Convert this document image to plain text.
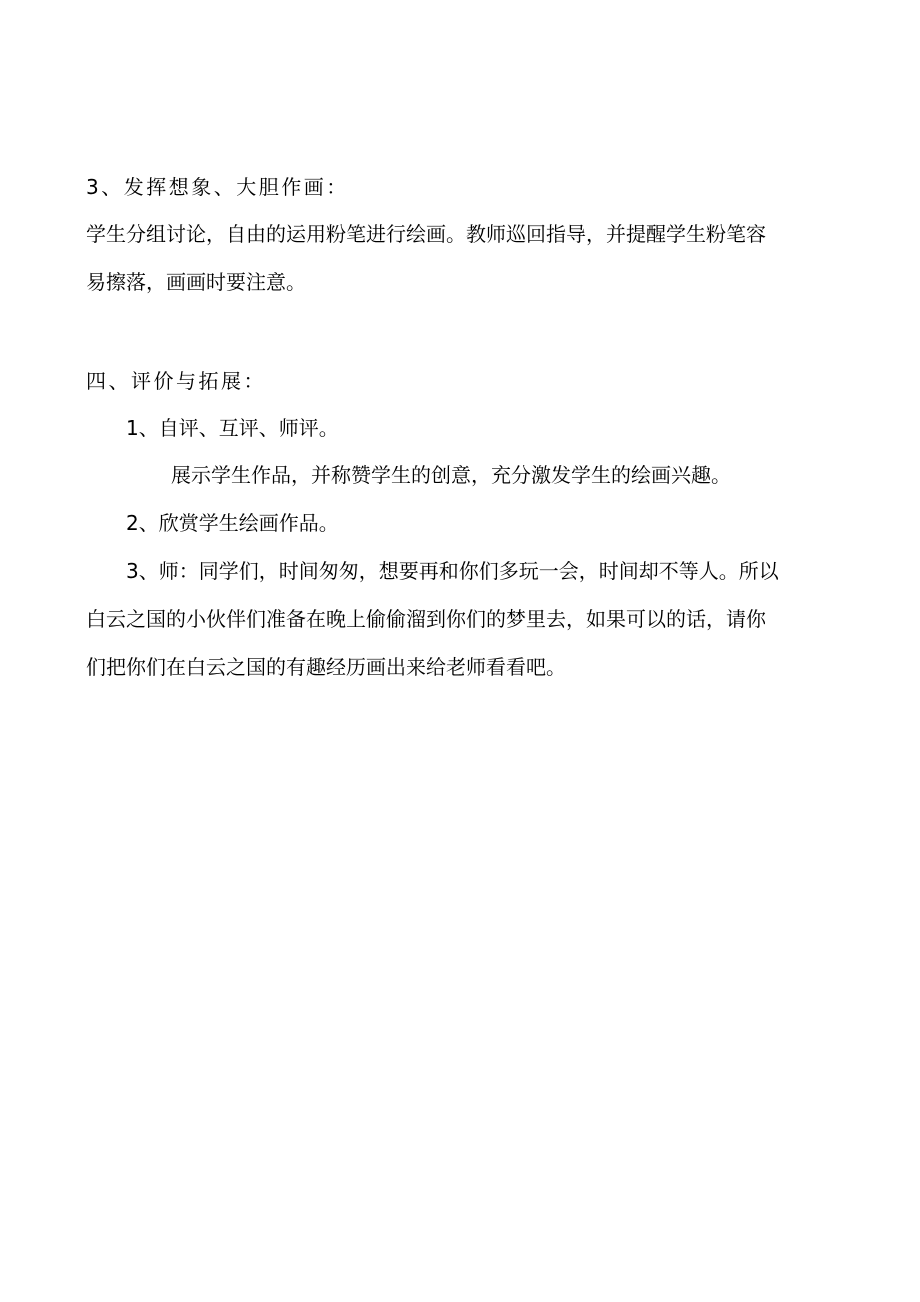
3、发挥想象、大胆作画：
学生分组讨论，自由的运用粉笔进行绘画。教师巡回指导，并提醒学生粉笔容
易擦落，画画时要注意。
四、评价与拓展：
1、自评、互评、师评。
展示学生作品，并称赞学生的创意，充分激发学生的绘画兴趣。
2、欣赏学生绘画作品。
3、师：同学们，时间匆匆，想要再和你们多玩一会，时间却不等人。所以
白云之国的小伙伴们准备在晚上偷偷溜到你们的梦里去，如果可以的话，请你
们把你们在白云之国的有趣经历画出来给老师看看吧。
